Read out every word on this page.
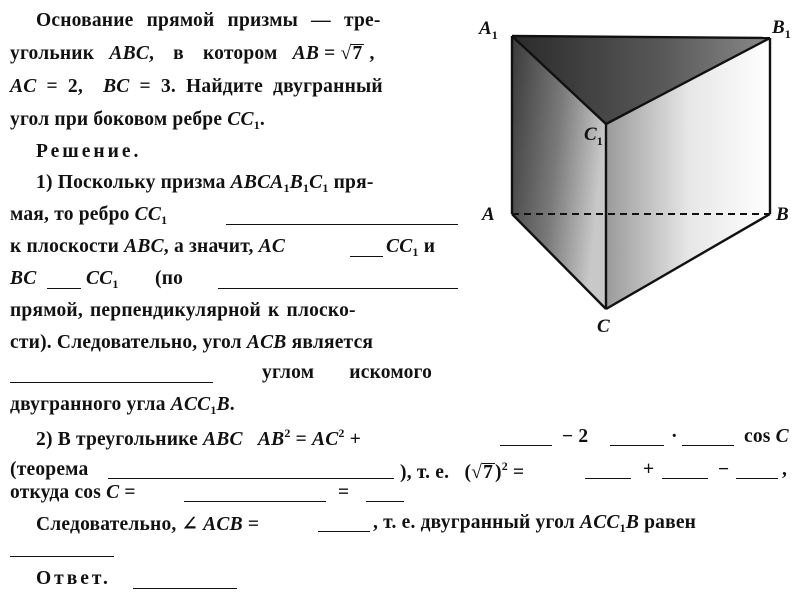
$A_1$	$B_1$
$C_1$
A	B
C
Основание прямой призмы — тре-
угольник ABC, в котором AB = √7 ,
AC = 2,  BC = 3. Найдите двугранный
угол при боковом ребре $CC_1$.
Решение.
1) Поскольку призма $ABCA_1B_1C_1$ пря-
мая, то ребро $CC_1$
к плоскости ABC, а значит, AC	$CC_1$ и
BC	$CC_1$ (по
прямой, перпендикулярной к плоско-
сти). Следовательно, угол ACB является
углом искомого
двугранного угла $ACC_1B$.
2) В треугольнике ABC $AB^2 = AC^2$ +	− 2	·	cos C
(теорема	), т. е. (√7 )$^2$ =	+	−	,
откуда cos C =	=
Следовательно, ∠ ACB =	, т. е. двугранный угол $ACC_1B$ равен
Ответ.
